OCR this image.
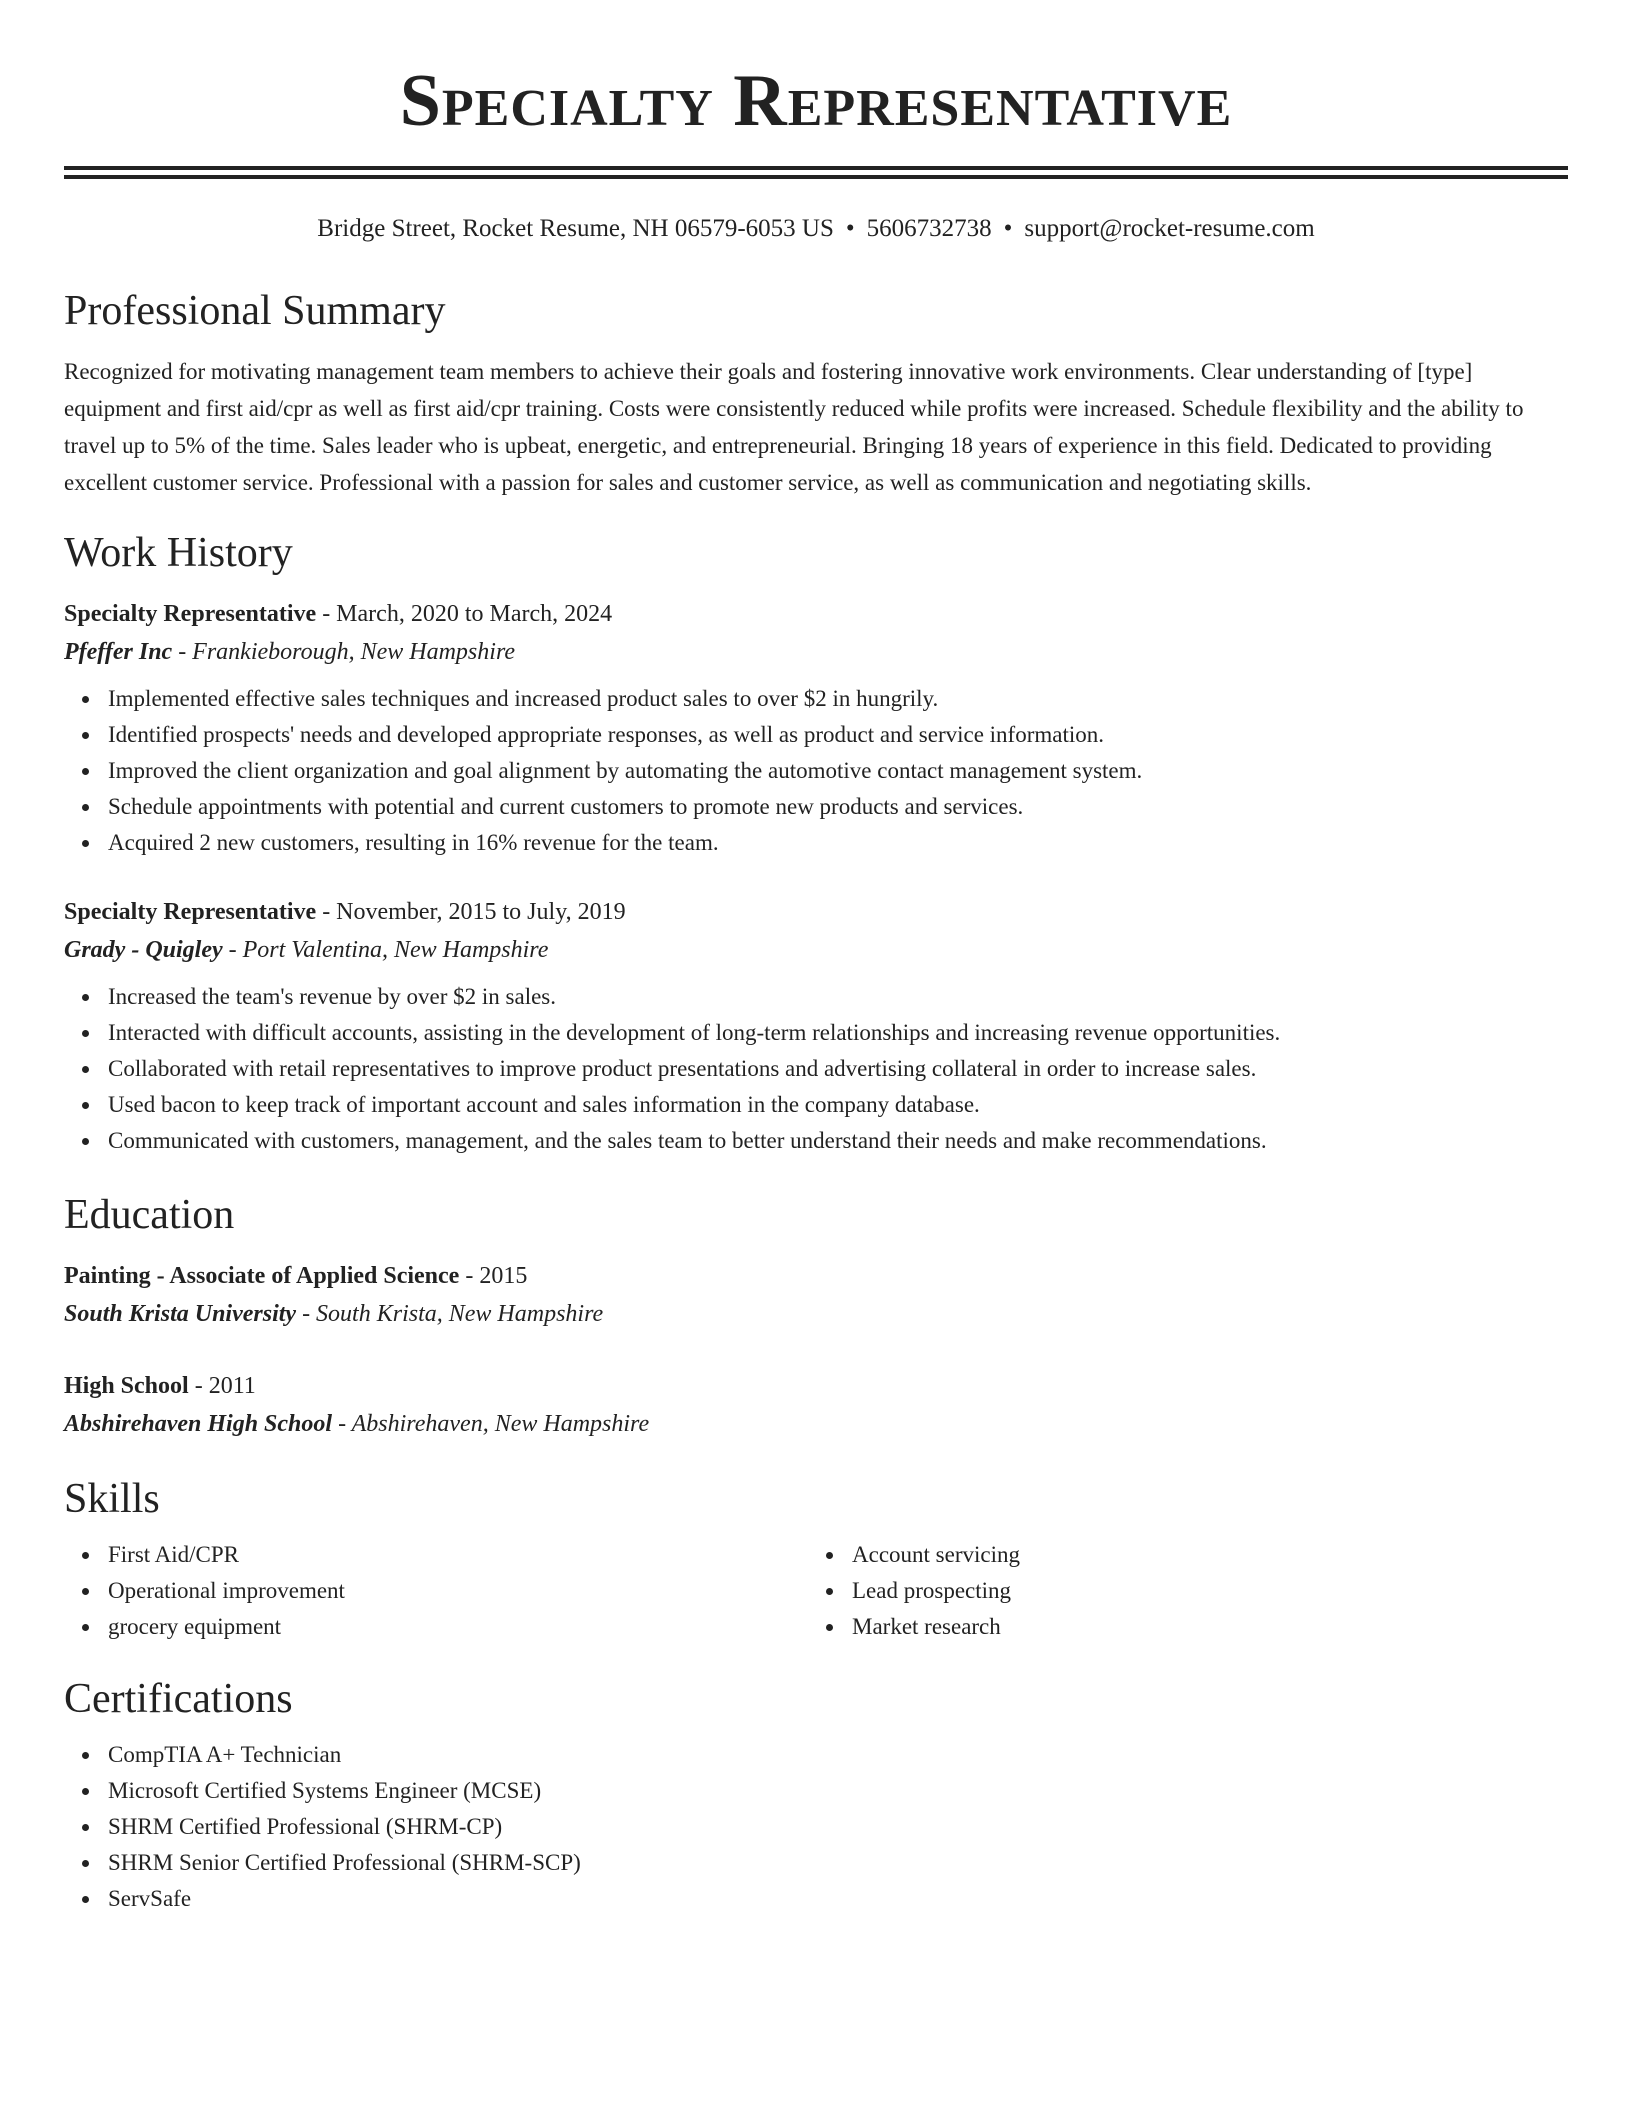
Specialty Representative
Bridge Street, Rocket Resume, NH 06579-6053 US • 5606732738 • support@rocket-resume.com
Professional Summary
Recognized for motivating management team members to achieve their goals and fostering innovative work environments. Clear understanding of [type] equipment and first aid/cpr as well as first aid/cpr training. Costs were consistently reduced while profits were increased. Schedule flexibility and the ability to travel up to 5% of the time. Sales leader who is upbeat, energetic, and entrepreneurial. Bringing 18 years of experience in this field. Dedicated to providing excellent customer service. Professional with a passion for sales and customer service, as well as communication and negotiating skills.
Work History
Specialty Representative - March, 2020 to March, 2024
Pfeffer Inc - Frankieborough, New Hampshire
Implemented effective sales techniques and increased product sales to over $2 in hungrily.
Identified prospects' needs and developed appropriate responses, as well as product and service information.
Improved the client organization and goal alignment by automating the automotive contact management system.
Schedule appointments with potential and current customers to promote new products and services.
Acquired 2 new customers, resulting in 16% revenue for the team.
Specialty Representative - November, 2015 to July, 2019
Grady - Quigley - Port Valentina, New Hampshire
Increased the team's revenue by over $2 in sales.
Interacted with difficult accounts, assisting in the development of long-term relationships and increasing revenue opportunities.
Collaborated with retail representatives to improve product presentations and advertising collateral in order to increase sales.
Used bacon to keep track of important account and sales information in the company database.
Communicated with customers, management, and the sales team to better understand their needs and make recommendations.
Education
Painting - Associate of Applied Science - 2015
South Krista University - South Krista, New Hampshire
High School - 2011
Abshirehaven High School - Abshirehaven, New Hampshire
Skills
First Aid/CPR
Operational improvement
grocery equipment
Account servicing
Lead prospecting
Market research
Certifications
CompTIA A+ Technician
Microsoft Certified Systems Engineer (MCSE)
SHRM Certified Professional (SHRM-CP)
SHRM Senior Certified Professional (SHRM-SCP)
ServSafe
